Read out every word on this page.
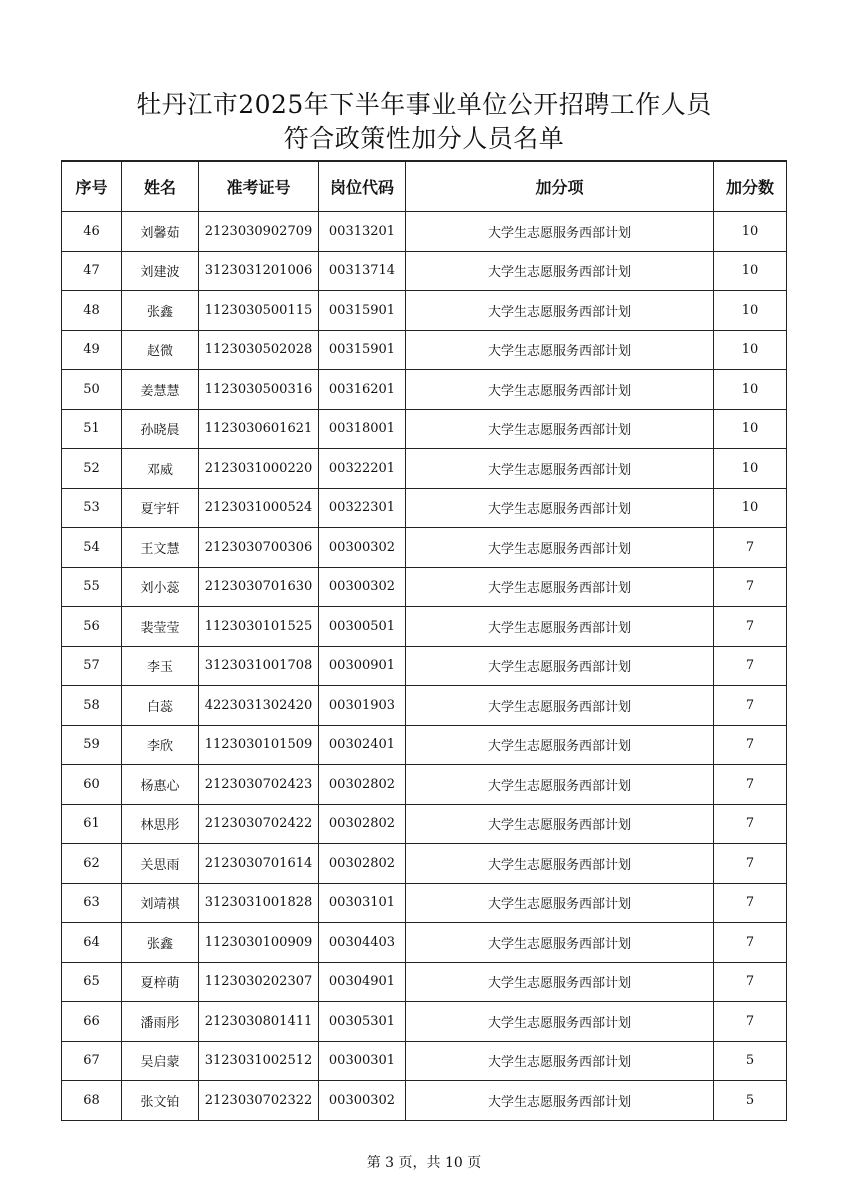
牡丹江市2025年下半年事业单位公开招聘工作人员
符合政策性加分人员名单
序号	姓名	准考证号	岗位代码	加分项	加分数
46	刘馨茹	2123030902709	00313201	大学生志愿服务西部计划	10
47	刘建波	3123031201006	00313714	大学生志愿服务西部计划	10
48	张鑫	1123030500115	00315901	大学生志愿服务西部计划	10
49	赵微	1123030502028	00315901	大学生志愿服务西部计划	10
50	姜慧慧	1123030500316	00316201	大学生志愿服务西部计划	10
51	孙晓晨	1123030601621	00318001	大学生志愿服务西部计划	10
52	邓威	2123031000220	00322201	大学生志愿服务西部计划	10
53	夏宇轩	2123031000524	00322301	大学生志愿服务西部计划	10
54	王文慧	2123030700306	00300302	大学生志愿服务西部计划	7
55	刘小蕊	2123030701630	00300302	大学生志愿服务西部计划	7
56	裴莹莹	1123030101525	00300501	大学生志愿服务西部计划	7
57	李玉	3123031001708	00300901	大学生志愿服务西部计划	7
58	白蕊	4223031302420	00301903	大学生志愿服务西部计划	7
59	李欣	1123030101509	00302401	大学生志愿服务西部计划	7
60	杨惠心	2123030702423	00302802	大学生志愿服务西部计划	7
61	林思彤	2123030702422	00302802	大学生志愿服务西部计划	7
62	关思雨	2123030701614	00302802	大学生志愿服务西部计划	7
63	刘靖祺	3123031001828	00303101	大学生志愿服务西部计划	7
64	张鑫	1123030100909	00304403	大学生志愿服务西部计划	7
65	夏梓萌	1123030202307	00304901	大学生志愿服务西部计划	7
66	潘雨彤	2123030801411	00305301	大学生志愿服务西部计划	7
67	吴启蒙	3123031002512	00300301	大学生志愿服务西部计划	5
68	张文铂	2123030702322	00300302	大学生志愿服务西部计划	5
第 3 页，共 10 页
